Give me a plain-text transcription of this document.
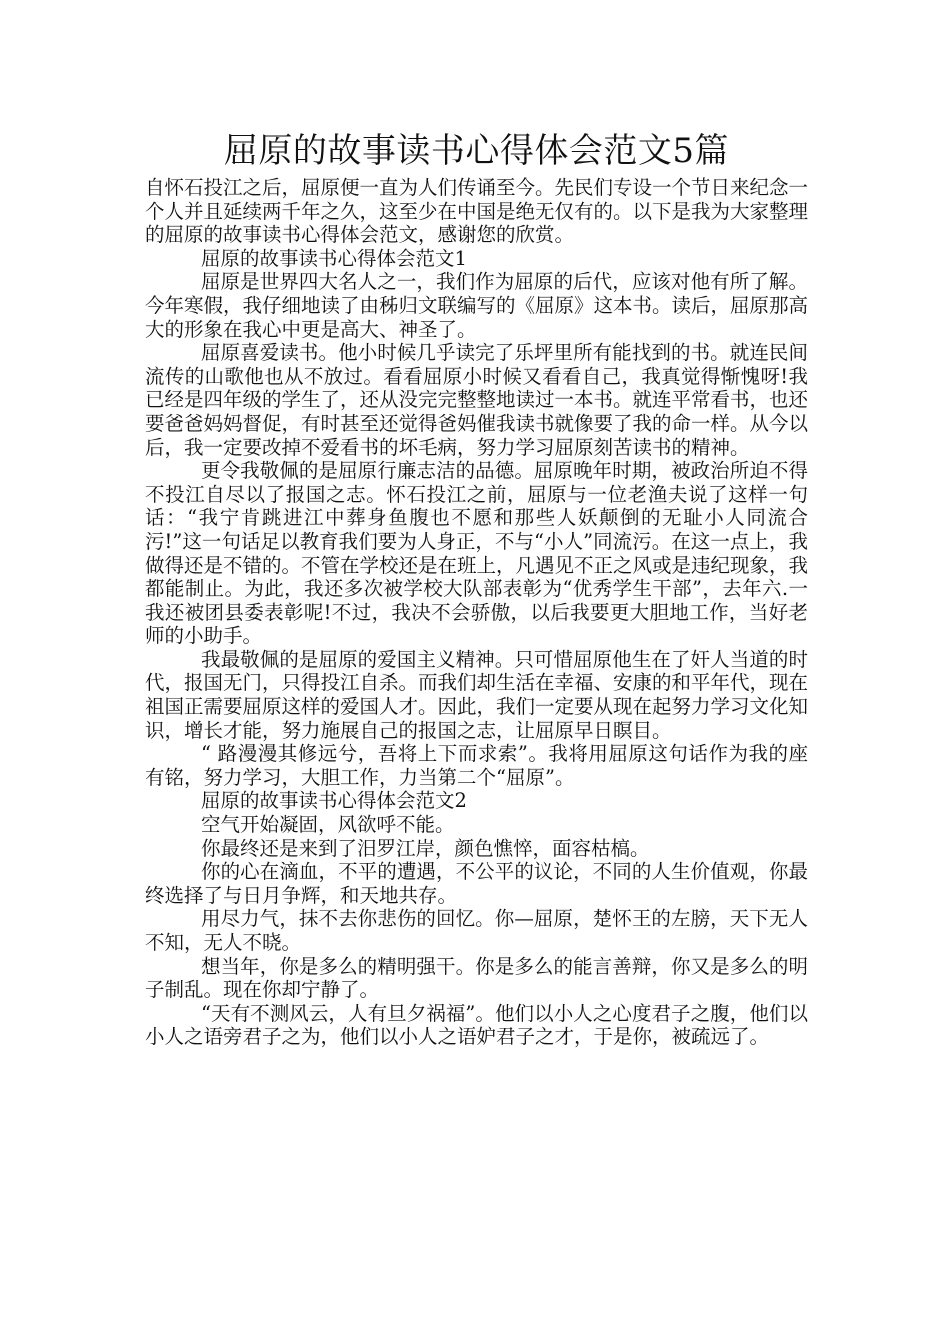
屈原的故事读书心得体会范文5篇

自怀石投江之后，屈原便一直为人们传诵至今。先民们专设一个节日来纪念一个人并且延续两千年之久，这至少在中国是绝无仅有的。以下是我为大家整理的屈原的故事读书心得体会范文，感谢您的欣赏。

屈原的故事读书心得体会范文1

屈原是世界四大名人之一，我们作为屈原的后代，应该对他有所了解。今年寒假，我仔细地读了由秭归文联编写的《屈原》这本书。读后，屈原那高大的形象在我心中更是高大、神圣了。

屈原喜爱读书。他小时候几乎读完了乐坪里所有能找到的书。就连民间流传的山歌他也从不放过。看看屈原小时候又看看自己，我真觉得惭愧呀!我已经是四年级的学生了，还从没完完整整地读过一本书。就连平常看书，也还要爸爸妈妈督促，有时甚至还觉得爸妈催我读书就像要了我的命一样。从今以后，我一定要改掉不爱看书的坏毛病，努力学习屈原刻苦读书的精神。

更令我敬佩的是屈原行廉志洁的品德。屈原晚年时期，被政治所迫不得不投江自尽以了报国之志。怀石投江之前，屈原与一位老渔夫说了这样一句话：“我宁肯跳进江中葬身鱼腹也不愿和那些人妖颠倒的无耻小人同流合污!”这一句话足以教育我们要为人身正，不与“小人”同流污。在这一点上，我做得还是不错的。不管在学校还是在班上，凡遇见不正之风或是违纪现象，我都能制止。为此，我还多次被学校大队部表彰为“优秀学生干部”，去年六.一我还被团县委表彰呢!不过，我决不会骄傲，以后我要更大胆地工作，当好老师的小助手。

我最敬佩的是屈原的爱国主义精神。只可惜屈原他生在了奸人当道的时代，报国无门，只得投江自杀。而我们却生活在幸福、安康的和平年代，现在祖国正需要屈原这样的爱国人才。因此，我们一定要从现在起努力学习文化知识，增长才能，努力施展自己的报国之志，让屈原早日瞑目。

“ 路漫漫其修远兮，吾将上下而求索”。我将用屈原这句话作为我的座有铭，努力学习，大胆工作，力当第二个“屈原”。

屈原的故事读书心得体会范文2

空气开始凝固，风欲呼不能。

你最终还是来到了汨罗江岸，颜色憔悴，面容枯槁。

你的心在滴血，不平的遭遇，不公平的议论，不同的人生价值观，你最终选择了与日月争辉，和天地共存。

用尽力气，抹不去你悲伤的回忆。你—屈原，楚怀王的左膀，天下无人不知，无人不晓。

想当年，你是多么的精明强干。你是多么的能言善辩，你又是多么的明子制乱。现在你却宁静了。

“天有不测风云，人有旦夕祸福”。他们以小人之心度君子之腹，他们以小人之语旁君子之为，他们以小人之语妒君子之才，于是你，被疏远了。
